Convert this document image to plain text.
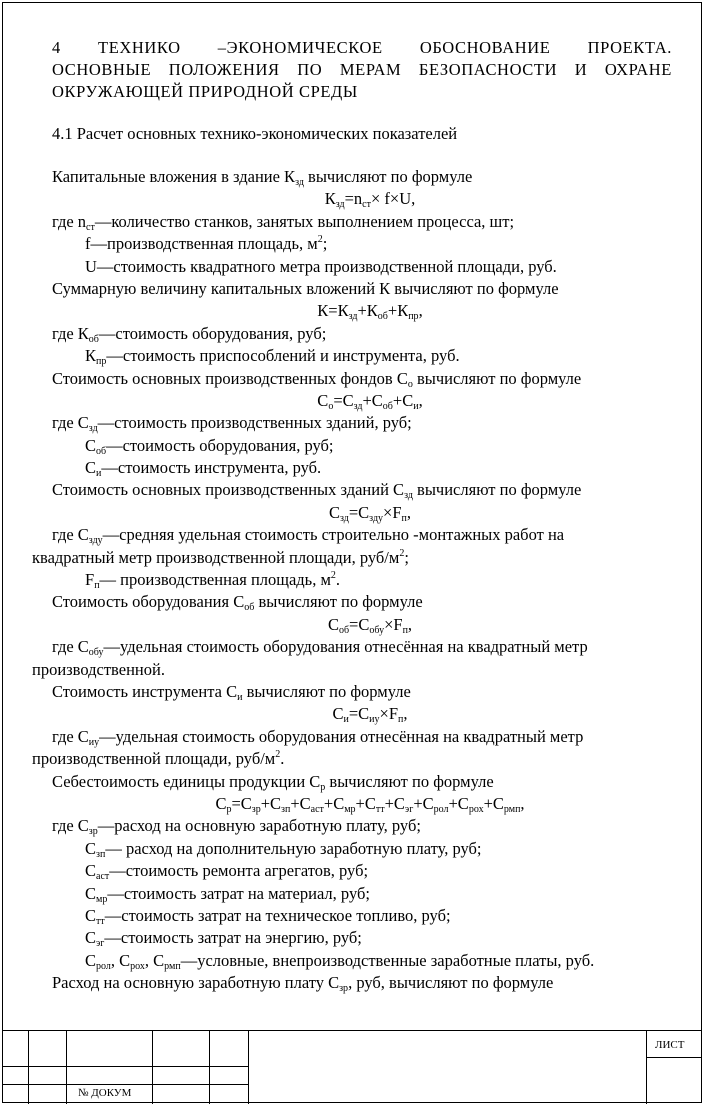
4 ТЕХНИКО –ЭКОНОМИЧЕСКОЕ ОБОСНОВАНИЕ ПРОЕКТА.
ОСНОВНЫЕ ПОЛОЖЕНИЯ ПО МЕРАМ БЕЗОПАСНОСТИ И ОХРАНЕ
ОКРУЖАЮЩЕЙ ПРИРОДНОЙ СРЕДЫ
4.1 Расчет основных технико-экономических показателей
Капитальные вложения в здание $К_{зд}$ вычисляют по формуле
$К_{зд}=n_{ст}\times f\times U$,
где $n_{ст}—количество$ станков, занятых выполнением процесса, шт;
f—производственная площадь, $м^2$;
U—стоимость квадратного метра производственной площади, руб.
Суммарную величину капитальных вложений К вычисляют по формуле
$К=К_{зд}+К_{об}+К_{пр}$,
где $К_{об}—стоимость$ оборудования, руб;
$К_{пр}—стоимость$ приспособлений и инструмента, руб.
Стоимость основных производственных фондов $С_о$ вычисляют по формуле
$С_о=С_{зд}+С_{об}+С_и$,
где $С_{зд}—стоимость$ производственных зданий, руб;
$С_{об}—стоимость$ оборудования, руб;
$С_и—стоимость$ инструмента, руб.
Стоимость основных производственных зданий $С_{зд}$ вычисляют по формуле
$С_{зд}=С_{зду}\times F_п$,
где $С_{зду}—средняя$ удельная стоимость строительно -монтажных работ на
квадратный метр производственной площади, руб/$м^2$;
$F_п—$ производственная площадь, $м^2$.
Стоимость оборудования $С_{об}$ вычисляют по формуле
$С_{об}=С_{обу}\times F_п$,
где $С_{обу}—удельная$ стоимость оборудования отнесённая на квадратный метр
производственной.
Стоимость инструмента $С_и$ вычисляют по формуле
$С_и=С_{иу}\times F_п$,
где $С_{иу}—удельная$ стоимость оборудования отнесённая на квадратный метр
производственной площади, руб/$м^2$.
Себестоимость единицы продукции $С_р$ вычисляют по формуле
$С_р=С_{зр}+С_{зп}+С_{аст}+С_{мр}+С_{тт}+С_{эг}+С_{рол}+С_{рох}+С_{рмп}$,
где $С_{зр}—расход$ на основную заработную плату, руб;
$С_{зп}—$ расход на дополнительную заработную плату, руб;
$С_{аст}—стоимость$ ремонта агрегатов, руб;
$С_{мр}—стоимость$ затрат на материал, руб;
$С_{тт}—стоимость$ затрат на техническое топливо, руб;
$С_{эг}—стоимость$ затрат на энергию, руб;
$С_{рол}$, $С_{рох}$, $С_{рмп}—условные$, внепроизводственные заработные платы, руб.
Расход на основную заработную плату $С_{зр}$, руб, вычисляют по формуле
ЛИСТ
№ ДОКУМ
